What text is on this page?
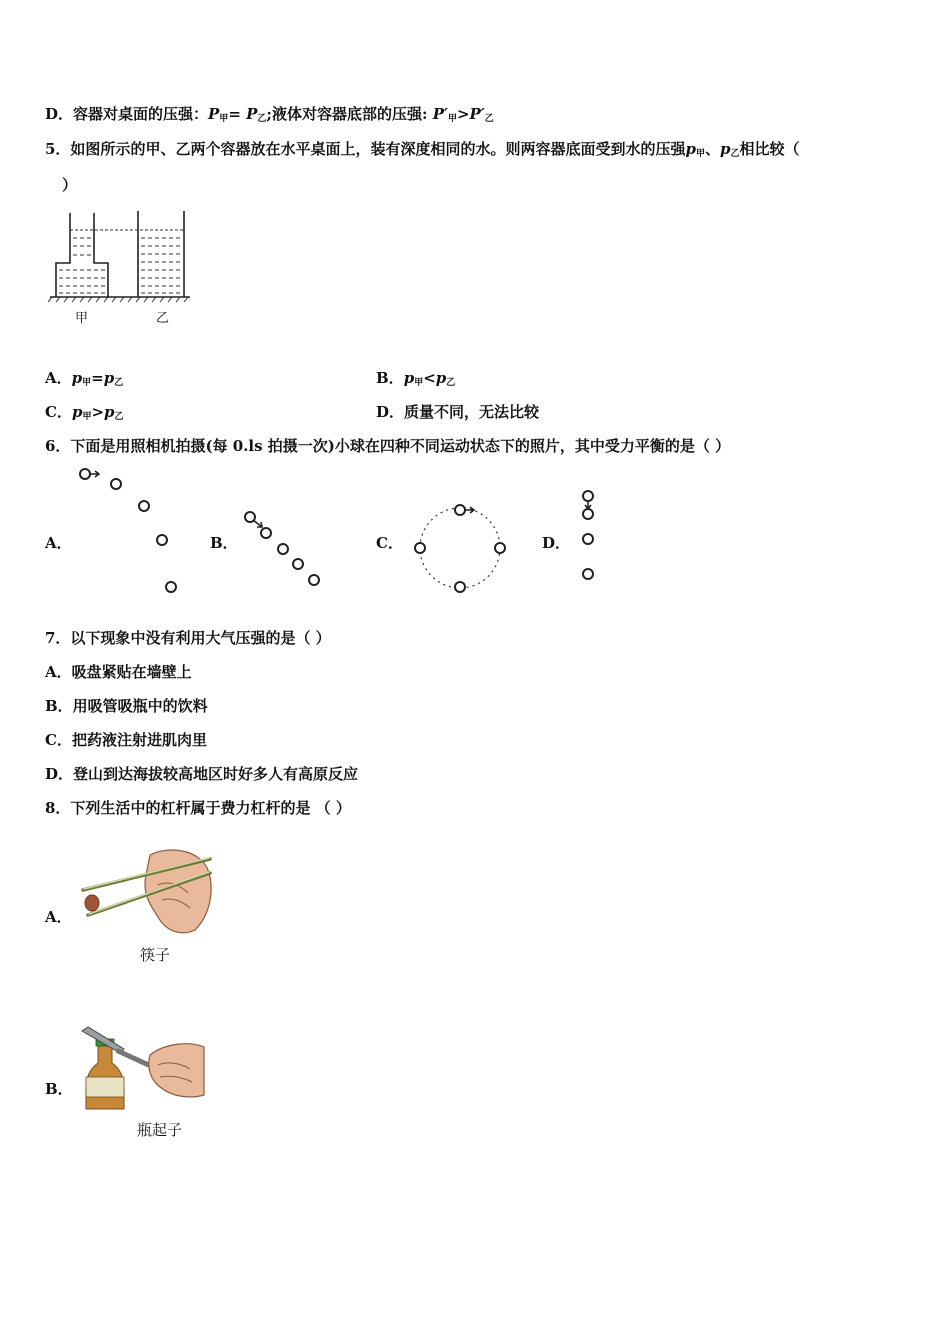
D．容器对桌面的压强：$P_甲= P_乙$;液体对容器底部的压强: $P'_甲>P'_乙$
5．如图所示的甲、乙两个容器放在水平桌面上，装有深度相同的水。则两容器底面受到水的压强$p_甲$、$p_乙$相比较（
）
甲	乙
A．$p_甲=p_乙$	B．$p_甲<p_乙$
C．$p_甲>p_乙$	D．质量不同，无法比较
6．下面是用照相机拍摄(每 0.ls 拍摄一次)小球在四种不同运动状态下的照片，其中受力平衡的是（ ）
A．	B．	C．	D．
7．以下现象中没有利用大气压强的是（ ）
A．吸盘紧贴在墙壁上
B．用吸管吸瓶中的饮料
C．把药液注射进肌肉里
D．登山到达海拔较高地区时好多人有高原反应
8．下列生活中的杠杆属于费力杠杆的是 （ ）
A．
筷子
B．
瓶起子
